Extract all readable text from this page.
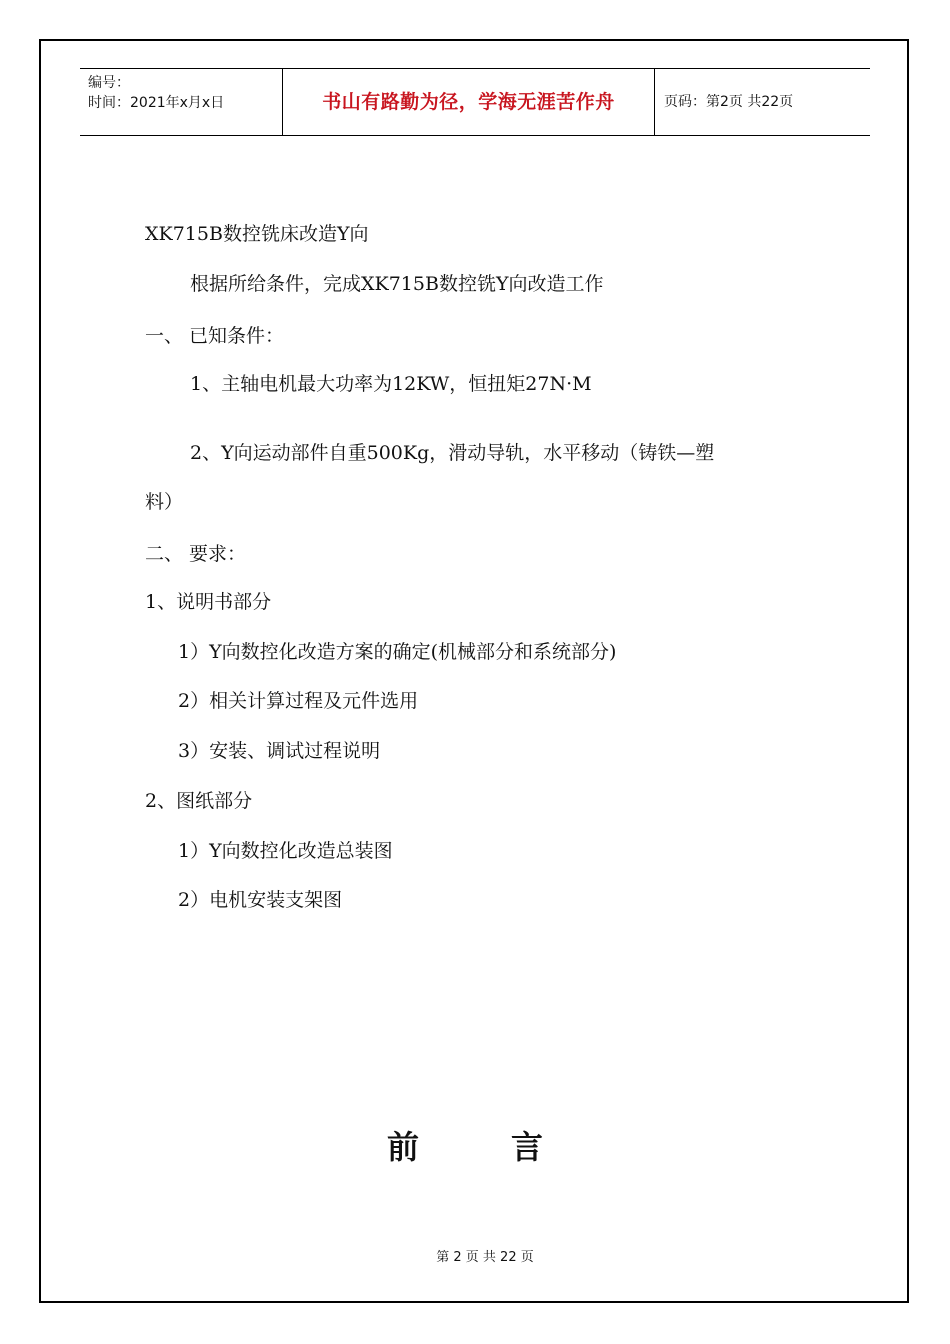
编号：
时间：2021年x月x日	书山有路勤为径，学海无涯苦作舟	页码：第2页 共22页
XK715B数控铣床改造Y向
根据所给条件，完成XK715B数控铣Y向改造工作
一、 已知条件：
1、主轴电机最大功率为12KW，恒扭矩27N·M
2、Y向运动部件自重500Kg，滑动导轨，水平移动（铸铁—塑
料）
二、 要求：
1、说明书部分
1）Y向数控化改造方案的确定(机械部分和系统部分)
2）相关计算过程及元件选用
3）安装、调试过程说明
2、图纸部分
1）Y向数控化改造总装图
2）电机安装支架图
前	言
第 2 页 共 22 页
